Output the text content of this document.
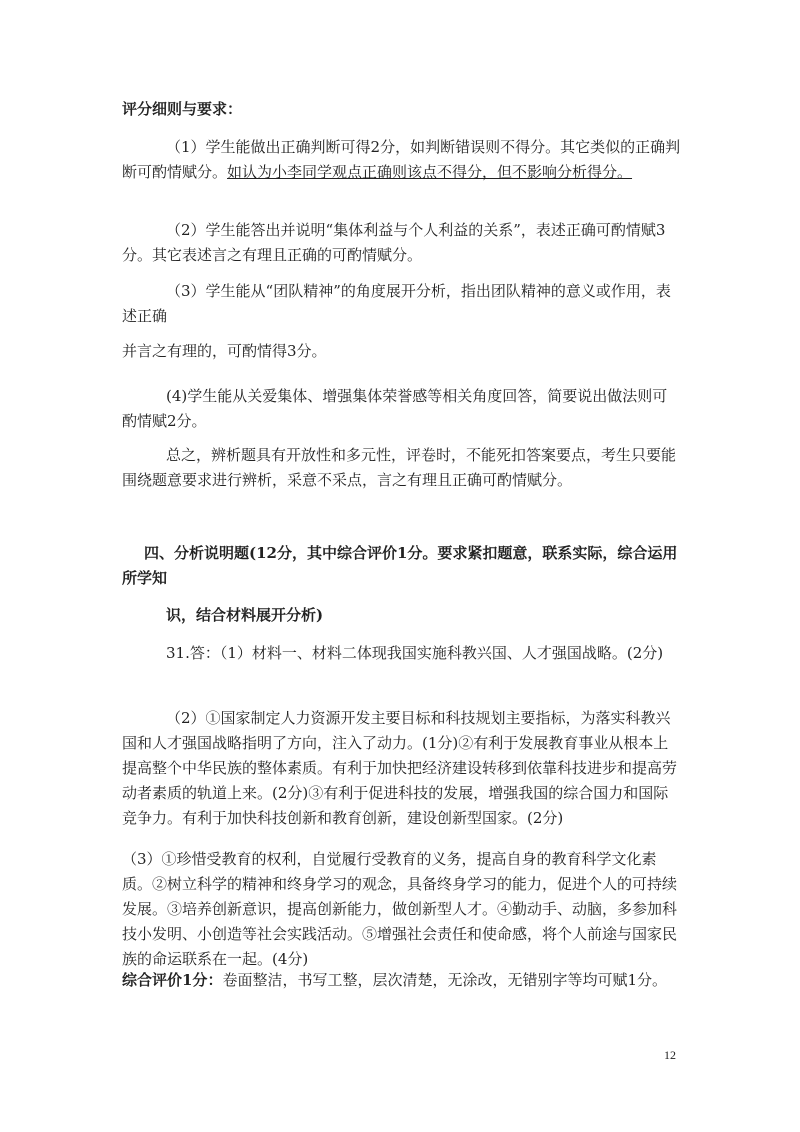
评分细则与要求：

（1）学生能做出正确判断可得2分，如判断错误则不得分。其它类似的正确判断可酌情赋分。如认为小李同学观点正确则该点不得分，但不影响分析得分。

（2）学生能答出并说明“集体利益与个人利益的关系”，表述正确可酌情赋3分。其它表述言之有理且正确的可酌情赋分。

（3）学生能从“团队精神”的角度展开分析，指出团队精神的意义或作用，表述正确

并言之有理的，可酌情得3分。

(4)学生能从关爱集体、增强集体荣誉感等相关角度回答，简要说出做法则可酌情赋2分。

总之，辨析题具有开放性和多元性，评卷时，不能死扣答案要点，考生只要能围绕题意要求进行辨析，采意不采点，言之有理且正确可酌情赋分。

四、分析说明题(12分，其中综合评价1分。要求紧扣题意，联系实际，综合运用所学知

识，结合材料展开分析)

31.答：（1）材料一、材料二体现我国实施科教兴国、人才强国战略。(2分)

（2）①国家制定人力资源开发主要目标和科技规划主要指标，为落实科教兴国和人才强国战略指明了方向，注入了动力。(1分)②有利于发展教育事业从根本上提高整个中华民族的整体素质。有利于加快把经济建设转移到依靠科技进步和提高劳动者素质的轨道上来。(2分)③有利于促进科技的发展，增强我国的综合国力和国际竞争力。有利于加快科技创新和教育创新，建设创新型国家。(2分)

（3）①珍惜受教育的权利，自觉履行受教育的义务，提高自身的教育科学文化素质。②树立科学的精神和终身学习的观念，具备终身学习的能力，促进个人的可持续发展。③培养创新意识，提高创新能力，做创新型人才。④勤动手、动脑，多参加科技小发明、小创造等社会实践活动。⑤增强社会责任和使命感，将个人前途与国家民族的命运联系在一起。(4分)

综合评价1分：卷面整洁，书写工整，层次清楚，无涂改，无错别字等均可赋1分。

12
